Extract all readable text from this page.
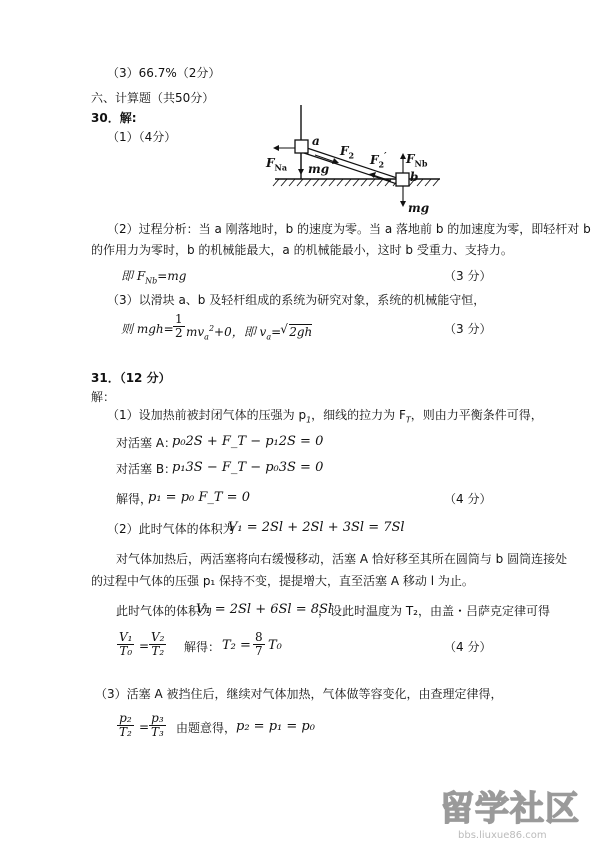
（3）66.7%（2分）
六、计算题（共50分）
30．解:
（1）（4分）	a
b
$F_{Na}$ mg
$F_2$ $F_2'$ $F_{Nb}$
mg
（2）过程分析：当 a 刚落地时，b 的速度为零。当 a 落地前 b 的加速度为零，即轻杆对 b
的作用力为零时，b 的机械能最大，a 的机械能最小，这时 b 受重力、支持力。
即 $F_{Nb}=mg$	（3 分）
（3）以滑块 a、b 及轻杆组成的系统为研究对象，系统的机械能守恒，
则 $mgh= \frac{1}{2} mv_a^2+0$，即 $v_a=$ √ 2gh	（3 分）
31．（12 分）
解：
（1）设加热前被封闭气体的压强为 $p_1$，细线的拉力为 $F_T$，则由力平衡条件可得，
对活塞 A：
p₀2S + F_T − p₁2S = 0
对活塞 B：
p₁3S − F_T − p₀3S = 0
解得，
p₁ = p₀ F_T = 0	（4 分）
（2）此时气体的体积为
V₁ = 2Sl + 2Sl + 3Sl = 7Sl
对气体加热后，两活塞将向右缓慢移动，活塞 A 恰好移至其所在圆筒与 b 圆筒连接处
的过程中气体的压强 p₁ 保持不变，提提增大，直至活塞 A 移动 l 为止。
此时气体的体积为
V₁ = 2Sl + 6Sl = 8Sl
，设此时温度为 T₂，由盖・吕萨克定律可得
$\frac{\text{V₁}}{\text{T₀}} = \frac{\text{V₂}}{\text{T₂}}$ 解得： $T_2 = \frac{8}{7} T_0$	（4 分）
（3）活塞 A 被挡住后，继续对气体加热，气体做等容变化，由查理定律得，
$\frac{\text{p₂}}{\text{T₂}} = \frac{\text{p₃}}{\text{T₃}}$ 由题意得， p₂ = p₁ = p₀
留学社区
bbs.liuxue86.com
